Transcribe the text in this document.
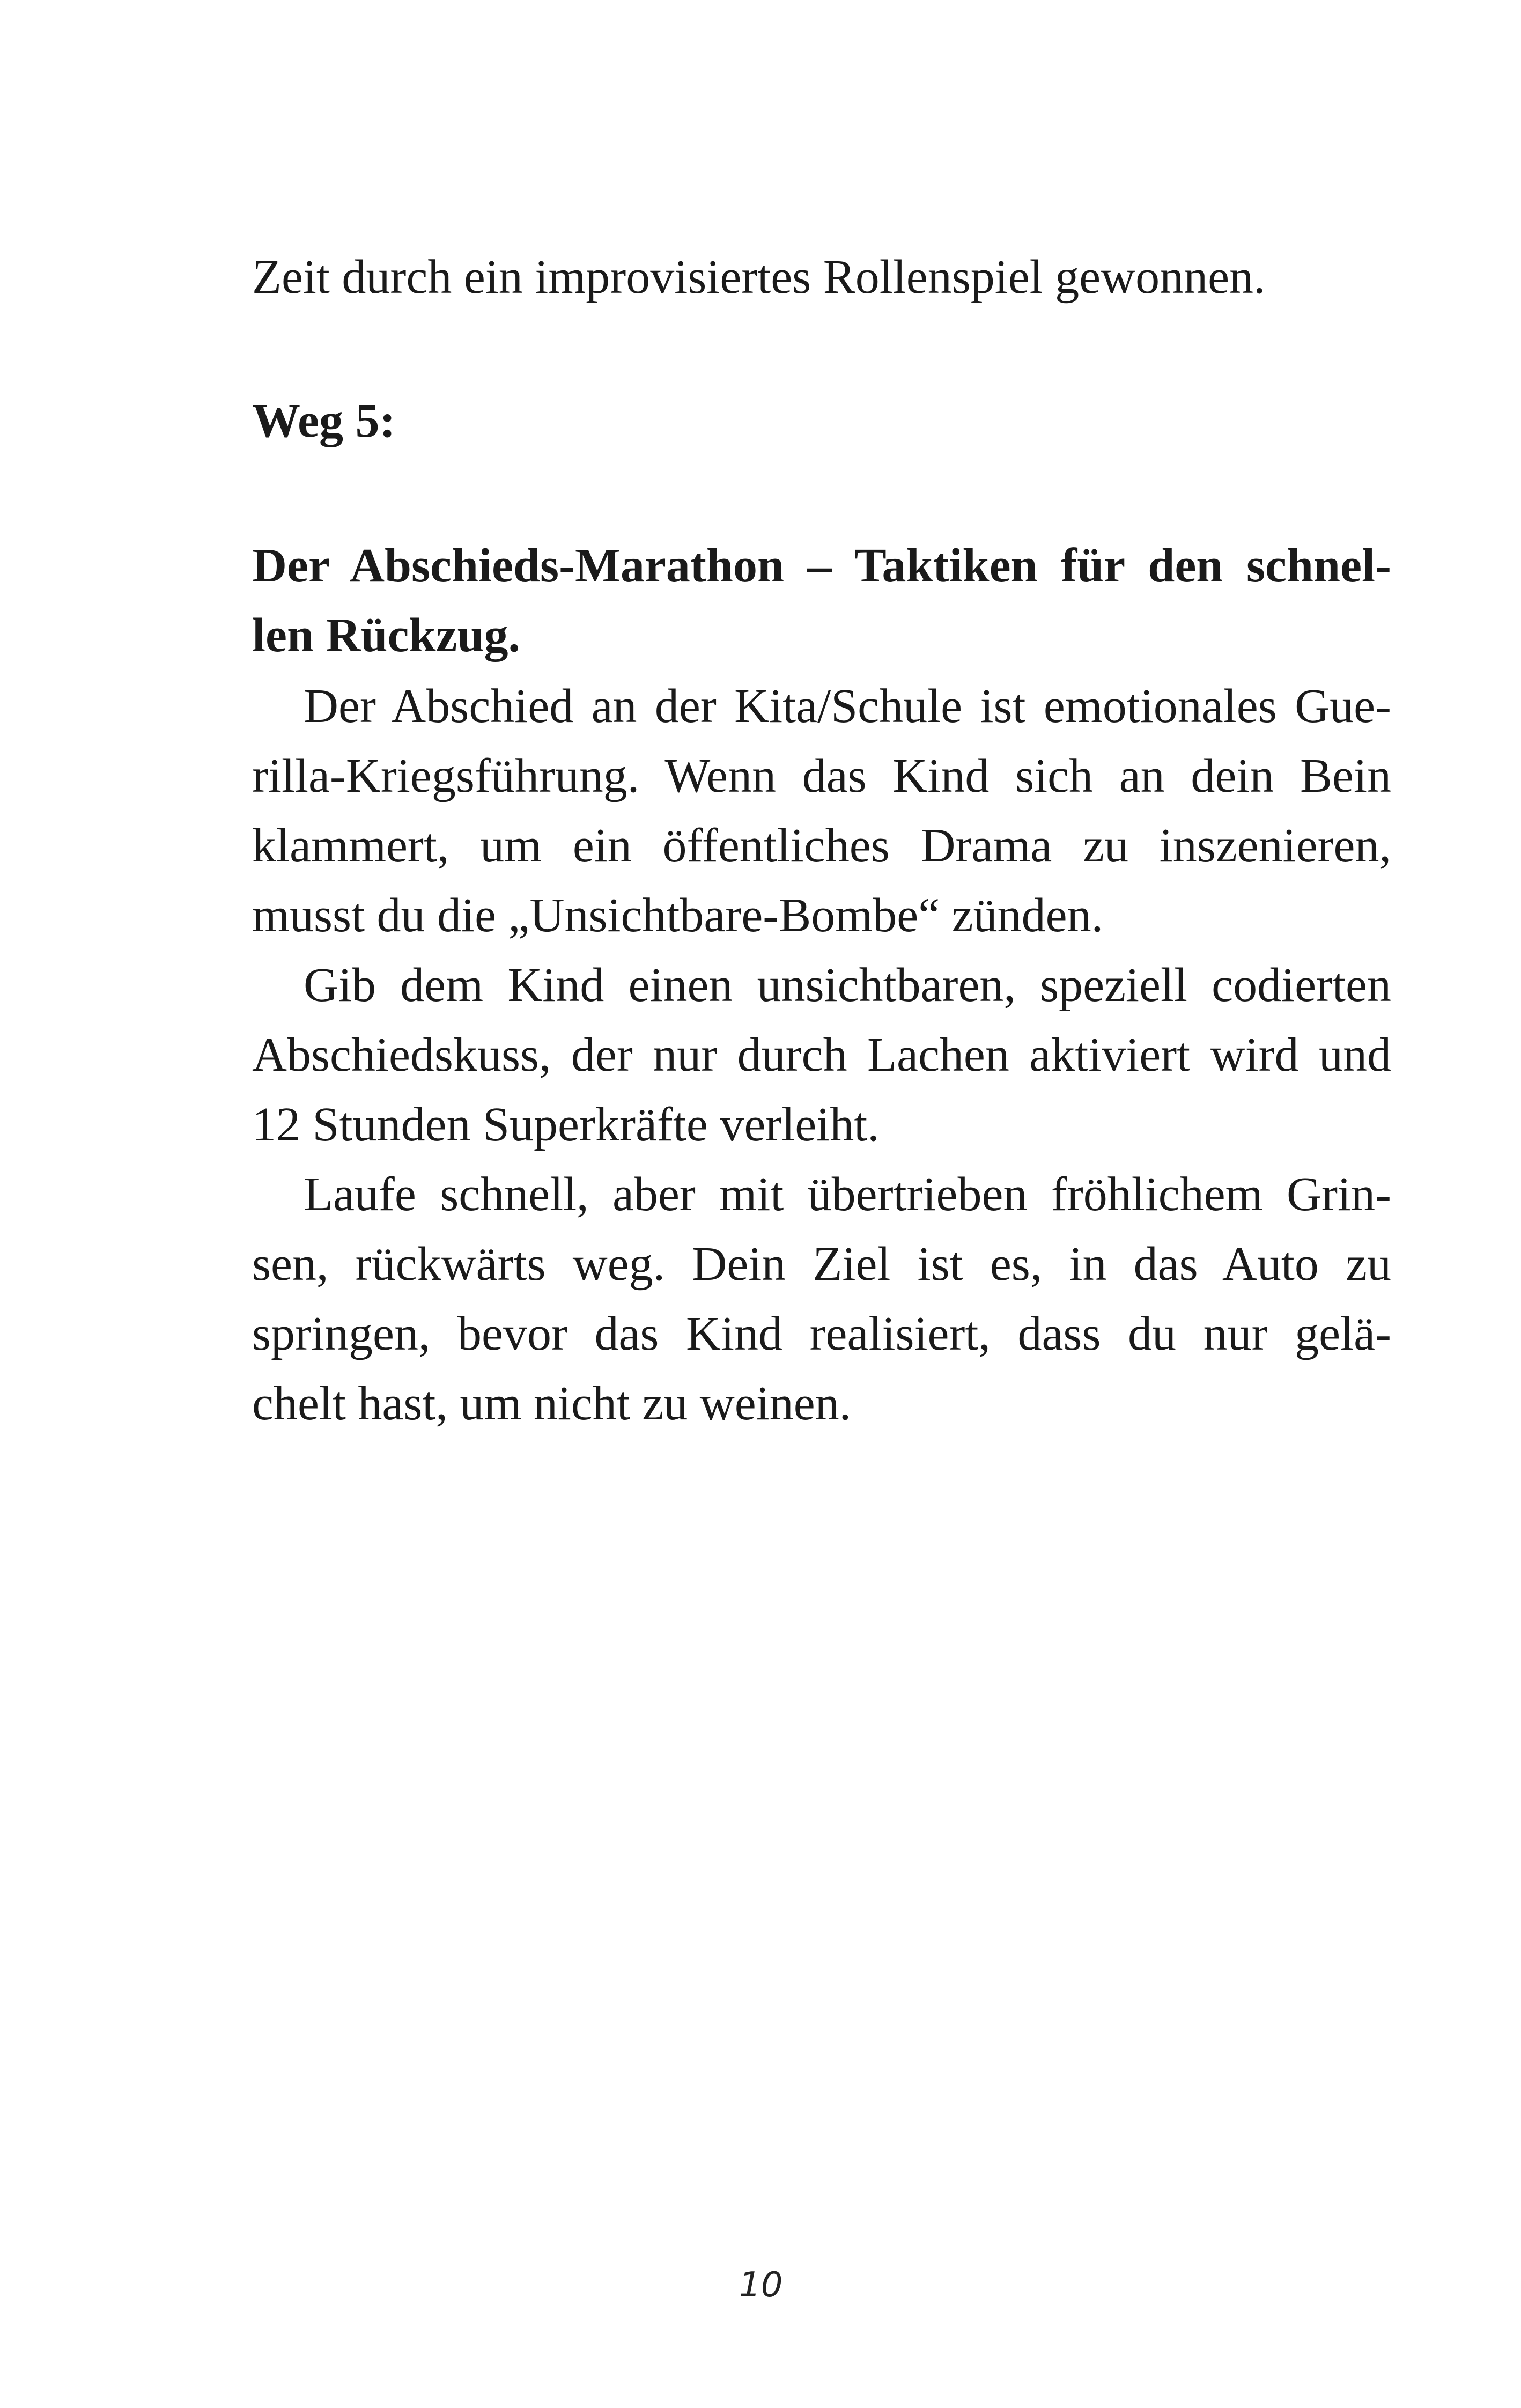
Zeit durch ein improvisiertes Rollenspiel gewonnen.
Weg 5:
Der Abschieds-Marathon – Taktiken für den schnel-
len Rückzug.
Der Abschied an der Kita/Schule ist emotionales Gue-
rilla-Kriegsführung. Wenn das Kind sich an dein Bein
klammert, um ein öffentliches Drama zu inszenieren,
musst du die „Unsichtbare-Bombe“ zünden.
Gib dem Kind einen unsichtbaren, speziell codierten
Abschiedskuss, der nur durch Lachen aktiviert wird und
12 Stunden Superkräfte verleiht.
Laufe schnell, aber mit übertrieben fröhlichem Grin-
sen, rückwärts weg. Dein Ziel ist es, in das Auto zu
springen, bevor das Kind realisiert, dass du nur gelä-
chelt hast, um nicht zu weinen.
10
